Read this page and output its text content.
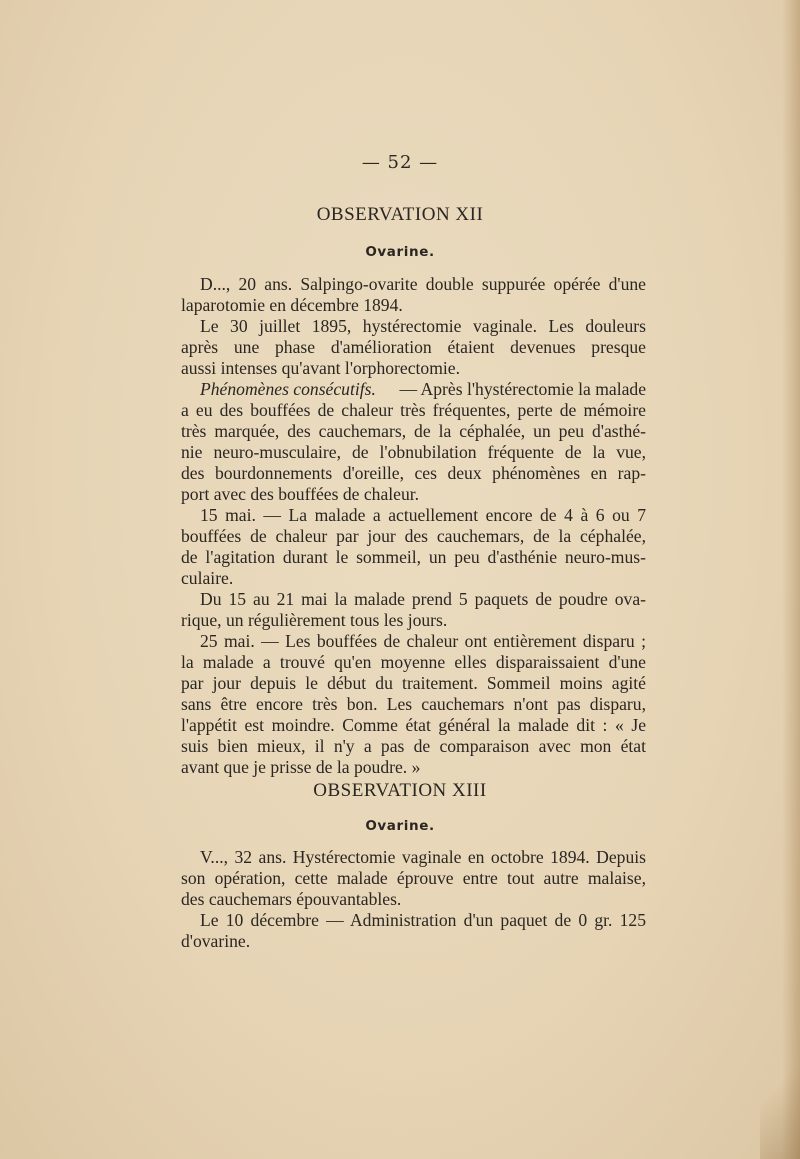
— 52 —
OBSERVATION XII
Ovarine.
D..., 20 ans. Salpingo-ovarite double suppurée opérée d'une
laparotomie en décembre 1894.
Le 30 juillet 1895, hystérectomie vaginale. Les douleurs
après une phase d'amélioration étaient devenues presque
aussi intenses qu'avant l'orphorectomie.
Phénomènes consécutifs.	— Après l'hystérectomie la malade
a eu des bouffées de chaleur très fréquentes, perte de mémoire
très marquée, des cauchemars, de la céphalée, un peu d'asthé-
nie neuro-musculaire, de l'obnubilation fréquente de la vue,
des bourdonnements d'oreille, ces deux phénomènes en rap-
port avec des bouffées de chaleur.
15 mai. — La malade a actuellement encore de 4 à 6 ou 7
bouffées de chaleur par jour des cauchemars, de la céphalée,
de l'agitation durant le sommeil, un peu d'asthénie neuro-mus-
culaire.
Du 15 au 21 mai la malade prend 5 paquets de poudre ova-
rique, un régulièrement tous les jours.
25 mai. — Les bouffées de chaleur ont entièrement disparu ;
la malade a trouvé qu'en moyenne elles disparaissaient d'une
par jour depuis le début du traitement. Sommeil moins agité
sans être encore très bon. Les cauchemars n'ont pas disparu,
l'appétit est moindre. Comme état général la malade dit : « Je
suis bien mieux, il n'y a pas de comparaison avec mon état
avant que je prisse de la poudre. »
OBSERVATION XIII
Ovarine.
V..., 32 ans. Hystérectomie vaginale en octobre 1894. Depuis
son opération, cette malade éprouve entre tout autre malaise,
des cauchemars épouvantables.
Le 10 décembre — Administration d'un paquet de 0 gr. 125
d'ovarine.
